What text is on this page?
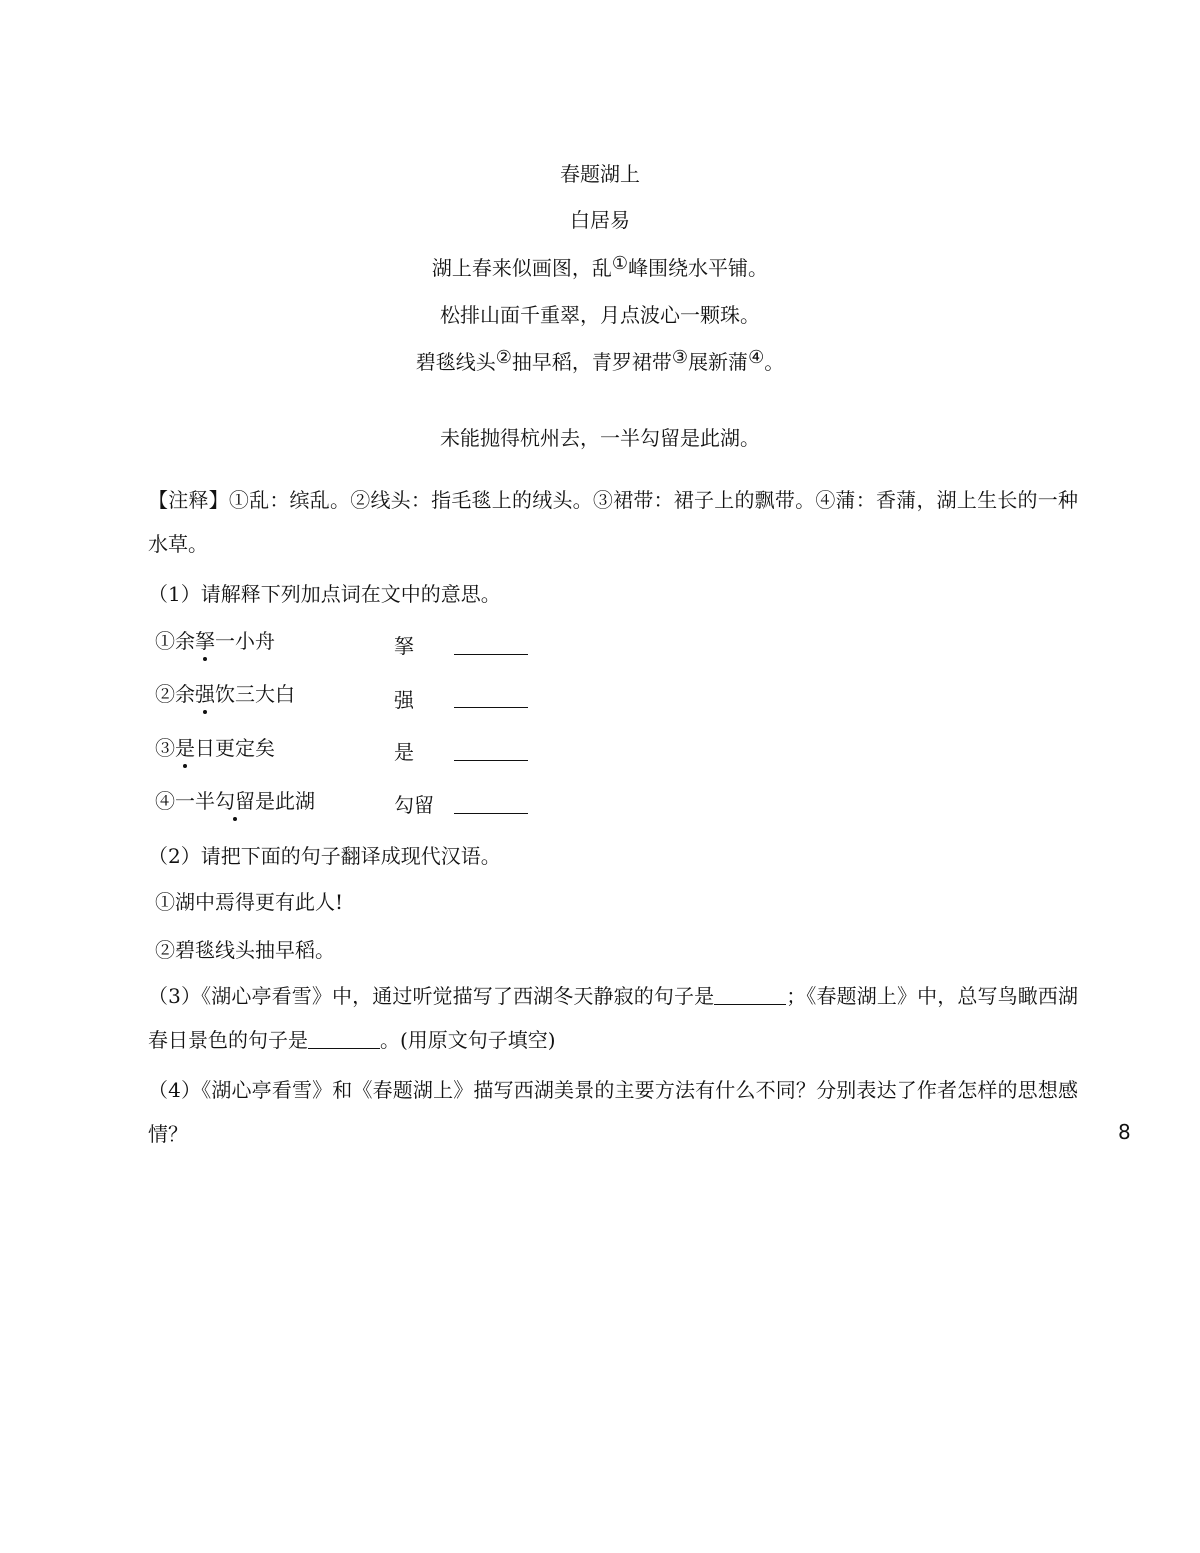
春题湖上
白居易
湖上春来似画图，乱①峰围绕水平铺。
松排山面千重翠，月点波心一颗珠。
碧毯线头②抽早稻，青罗裙带③展新蒲④。
未能抛得杭州去，一半勾留是此湖。
【注释】①乱：缤乱。②线头：指毛毯上的绒头。③裙带：裙子上的飘带。④蒲：香蒲，湖上生长的一种水草。
（1）请解释下列加点词在文中的意思。
①余拏一小舟	拏
②余强饮三大白	强
③是日更定矣	是
④一半勾留是此湖	勾留
（2）请把下面的句子翻译成现代汉语。
①湖中焉得更有此人!
②碧毯线头抽早稻。
（3）《湖心亭看雪》中，通过听觉描写了西湖冬天静寂的句子是	；《春题湖上》中，总写鸟瞰西湖春日景色的句子是	。(用原文句子填空)
（4）《湖心亭看雪》和《春题湖上》描写西湖美景的主要方法有什么不同？分别表达了作者怎样的思想感情？	8
